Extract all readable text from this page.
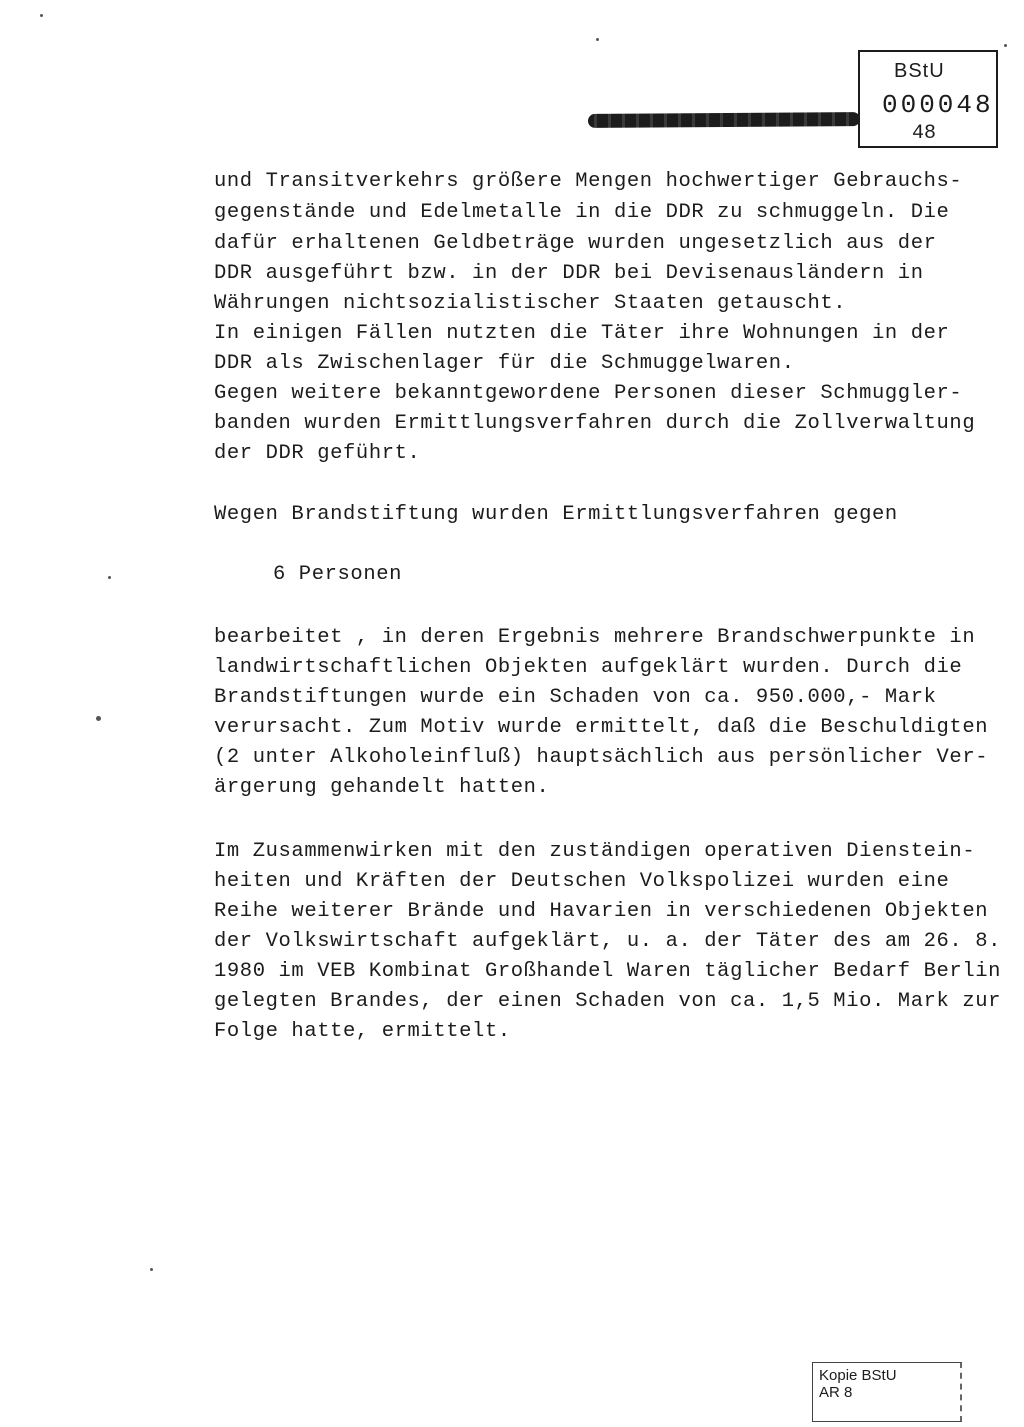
BStU
000048
48
und Transitverkehrs größere Mengen hochwertiger Gebrauchs-
gegenstände und Edelmetalle in die DDR zu schmuggeln. Die
dafür erhaltenen Geldbeträge wurden ungesetzlich aus der
DDR ausgeführt bzw. in der DDR bei Devisenausländern in
Währungen nichtsozialistischer Staaten getauscht.
In einigen Fällen nutzten die Täter ihre Wohnungen in der
DDR als Zwischenlager für die Schmuggelwaren.
Gegen weitere bekanntgewordene Personen dieser Schmuggler-
banden wurden Ermittlungsverfahren durch die Zollverwaltung
der DDR geführt.
Wegen Brandstiftung wurden Ermittlungsverfahren gegen
6 Personen
bearbeitet , in deren Ergebnis mehrere Brandschwerpunkte in
landwirtschaftlichen Objekten aufgeklärt wurden. Durch die
Brandstiftungen wurde ein Schaden von ca. 950.000,- Mark
verursacht. Zum Motiv wurde ermittelt, daß die Beschuldigten
(2 unter Alkoholeinfluß) hauptsächlich aus persönlicher Ver-
ärgerung gehandelt hatten.
Im Zusammenwirken mit den zuständigen operativen Dienstein-
heiten und Kräften der Deutschen Volkspolizei wurden eine
Reihe weiterer Brände und Havarien in verschiedenen Objekten
der Volkswirtschaft aufgeklärt, u. a. der Täter des am 26. 8.
1980 im VEB Kombinat Großhandel Waren täglicher Bedarf Berlin
gelegten Brandes, der einen Schaden von ca. 1,5 Mio. Mark zur
Folge hatte, ermittelt.
Kopie BStU
AR 8
